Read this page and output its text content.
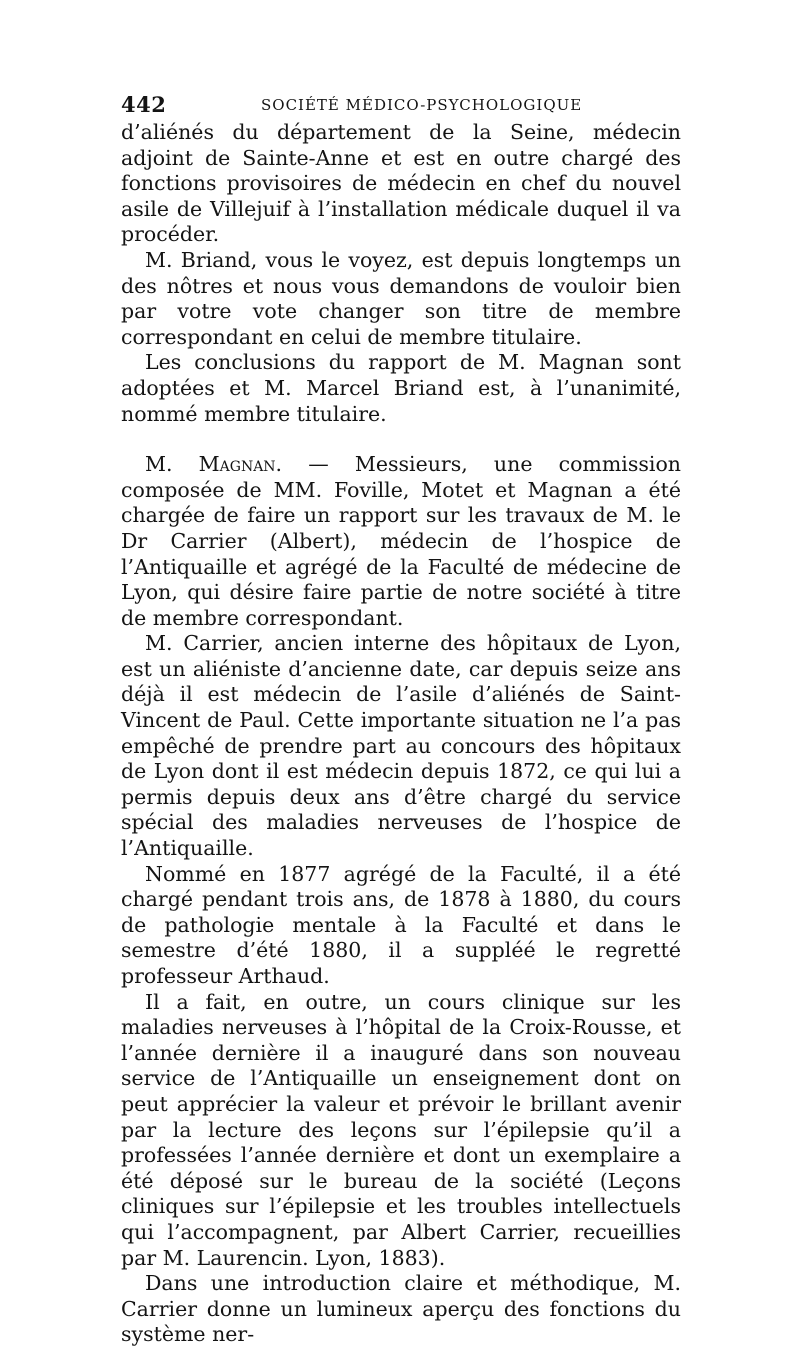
442	SOCIÉTÉ MÉDICO-PSYCHOLOGIQUE

d’aliénés du département de la Seine, médecin adjoint de Sainte-Anne et est en outre chargé des fonctions provisoires de médecin en chef du nouvel asile de Villejuif à l’installation médicale duquel il va procéder.

M. Briand, vous le voyez, est depuis longtemps un des nôtres et nous vous demandons de vouloir bien par votre vote changer son titre de membre correspondant en celui de membre titulaire.

Les conclusions du rapport de M. Magnan sont adoptées et M. Marcel Briand est, à l’unanimité, nommé membre titulaire.

M. Magnan. — Messieurs, une commission composée de MM. Foville, Motet et Magnan a été chargée de faire un rapport sur les travaux de M. le Dr Carrier (Albert), médecin de l’hospice de l’Antiquaille et agrégé de la Faculté de médecine de Lyon, qui désire faire partie de notre société à titre de membre correspondant.

M. Carrier, ancien interne des hôpitaux de Lyon, est un aliéniste d’ancienne date, car depuis seize ans déjà il est médecin de l’asile d’aliénés de Saint-Vincent de Paul. Cette importante situation ne l’a pas empêché de prendre part au concours des hôpitaux de Lyon dont il est médecin depuis 1872, ce qui lui a permis depuis deux ans d’être chargé du service spécial des maladies nerveuses de l’hospice de l’Antiquaille.

Nommé en 1877 agrégé de la Faculté, il a été chargé pendant trois ans, de 1878 à 1880, du cours de pathologie mentale à la Faculté et dans le semestre d’été 1880, il a suppléé le regretté professeur Arthaud.

Il a fait, en outre, un cours clinique sur les maladies nerveuses à l’hôpital de la Croix-Rousse, et l’année dernière il a inauguré dans son nouveau service de l’Antiquaille un enseignement dont on peut apprécier la valeur et prévoir le brillant avenir par la lecture des leçons sur l’épilepsie qu’il a professées l’année dernière et dont un exemplaire a été déposé sur le bureau de la société (Leçons cliniques sur l’épilepsie et les troubles intellectuels qui l’accompagnent, par Albert Carrier, recueillies par M. Laurencin. Lyon, 1883).

Dans une introduction claire et méthodique, M. Carrier donne un lumineux aperçu des fonctions du système ner-
